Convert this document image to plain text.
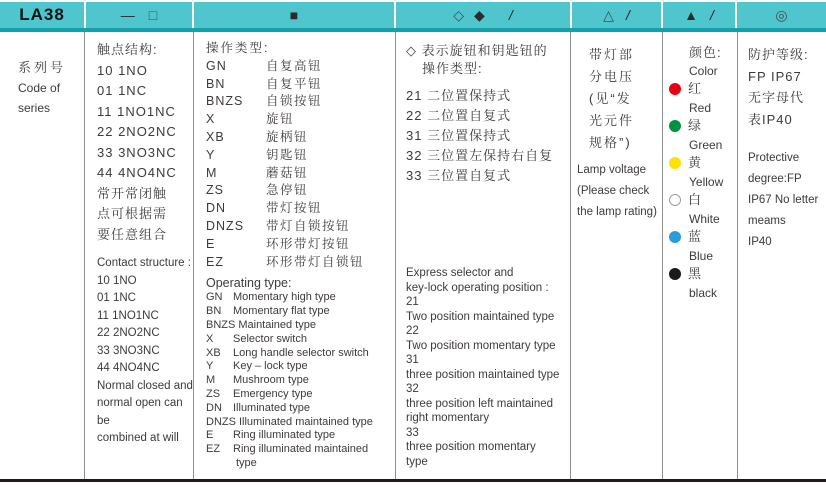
LA38	— □	■	◇ ◆ /	△ /	▲ /	◎
系列号
Code of
series
触点结构:
10 1NO
01 1NC
11 1NO1NC
22 2NO2NC
33 3NO3NC
44 4NO4NC
常开常闭触
点可根据需
要任意组合
Contact structure :
10 1NO
01 1NC
11 1NO1NC
22 2NO2NC
33 3NO3NC
44 4NO4NC
Normal closed and
normal open can be
combined at will
操作类型:
GN	自复高钮
BN	自复平钮
BNZS 自锁按钮
X	旋钮
XB	旋柄钮
Y	钥匙钮
M	蘑菇钮
ZS	急停钮
DN	带灯按钮
DNZS 带灯自锁按钮
E	环形带灯按钮
EZ	环形带灯自锁钮
Operating type:
GN Momentary high type
BN Momentary flat type
BNZS Maintained type
X Selector switch
XB Long handle selector switch
Y Key – lock type
M Mushroom type
ZS Emergency type
DN Illuminated type
DNZS Illuminated maintained type
E Ring illuminated type
EZ Ring illuminated maintained
type
◇ 表示旋钮和钥匙钮的
操作类型:
21 二位置保持式
22 二位置自复式
31 三位置保持式
32 三位置左保持右自复
33 三位置自复式
Express selector and
key-lock operating position :
21
Two position maintained type
22
Two position momentary type
31
three position maintained type
32
three position left maintained
right momentary
33
three position momentary
type
带灯部
分电压
(见“发
光元件
规格”)
Lamp voltage
(Please check
the lamp rating)
颜色:
Color
红
Red
绿
Green
黄
Yellow
白
White
蓝
Blue
黑
black
防护等级:
FP IP67
无字母代
表IP40
Protective
degree:FP
IP67 No letter
meams
IP40
